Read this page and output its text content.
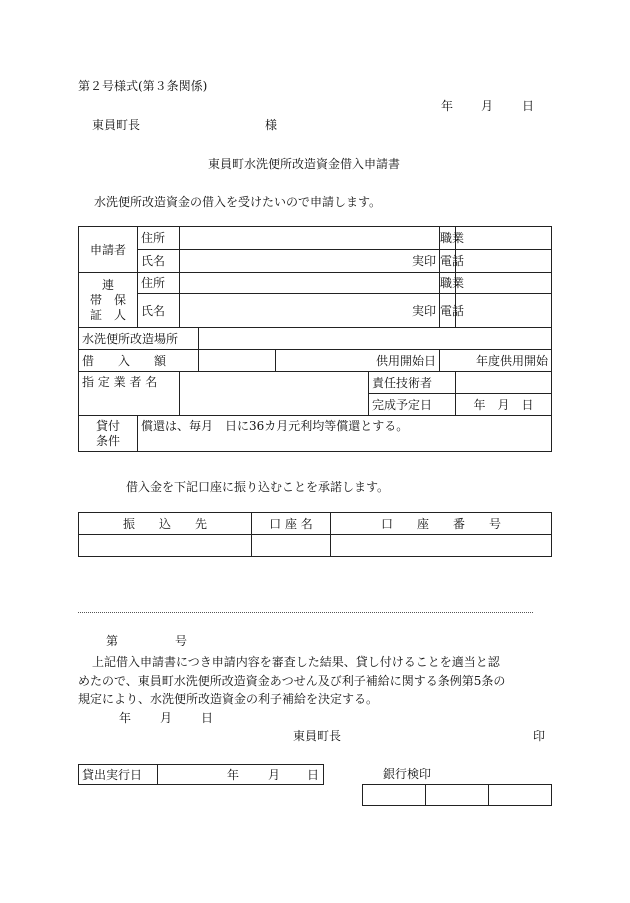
第２号様式(第３条関係)
年 月 日
東員町長	様
東員町水洗便所改造資金借入申請書
水洗便所改造資金の借入を受けたいので申請します。
申請者	住所					職業	
	氏名	実印				電話	

連
帯　保
証　人	住所					職業	
	氏名	実印				電話	
水洗便所改造場所							
借　　入　　額				供用開始日		年度供用開始	
指 定 業 者 名					責任技術者		
					完成予定日		年　月　日

貸付
条件	償還は、毎月　日に36カ月元利均等償還とする。						
借入金を下記口座に振り込むことを承諾します。
振　　込　　先	口 座 名	口　　座　　番　　号

第	号
上記借入申請書につき申請内容を審査した結果、貸し付けることを適当と認
めたので、東員町水洗便所改造資金あつせん及び利子補給に関する条例第5条の
規定により、水洗便所改造資金の利子補給を決定する。
年 月 日
東員町長	印
貸出実行日	年 月 日	銀行検印
